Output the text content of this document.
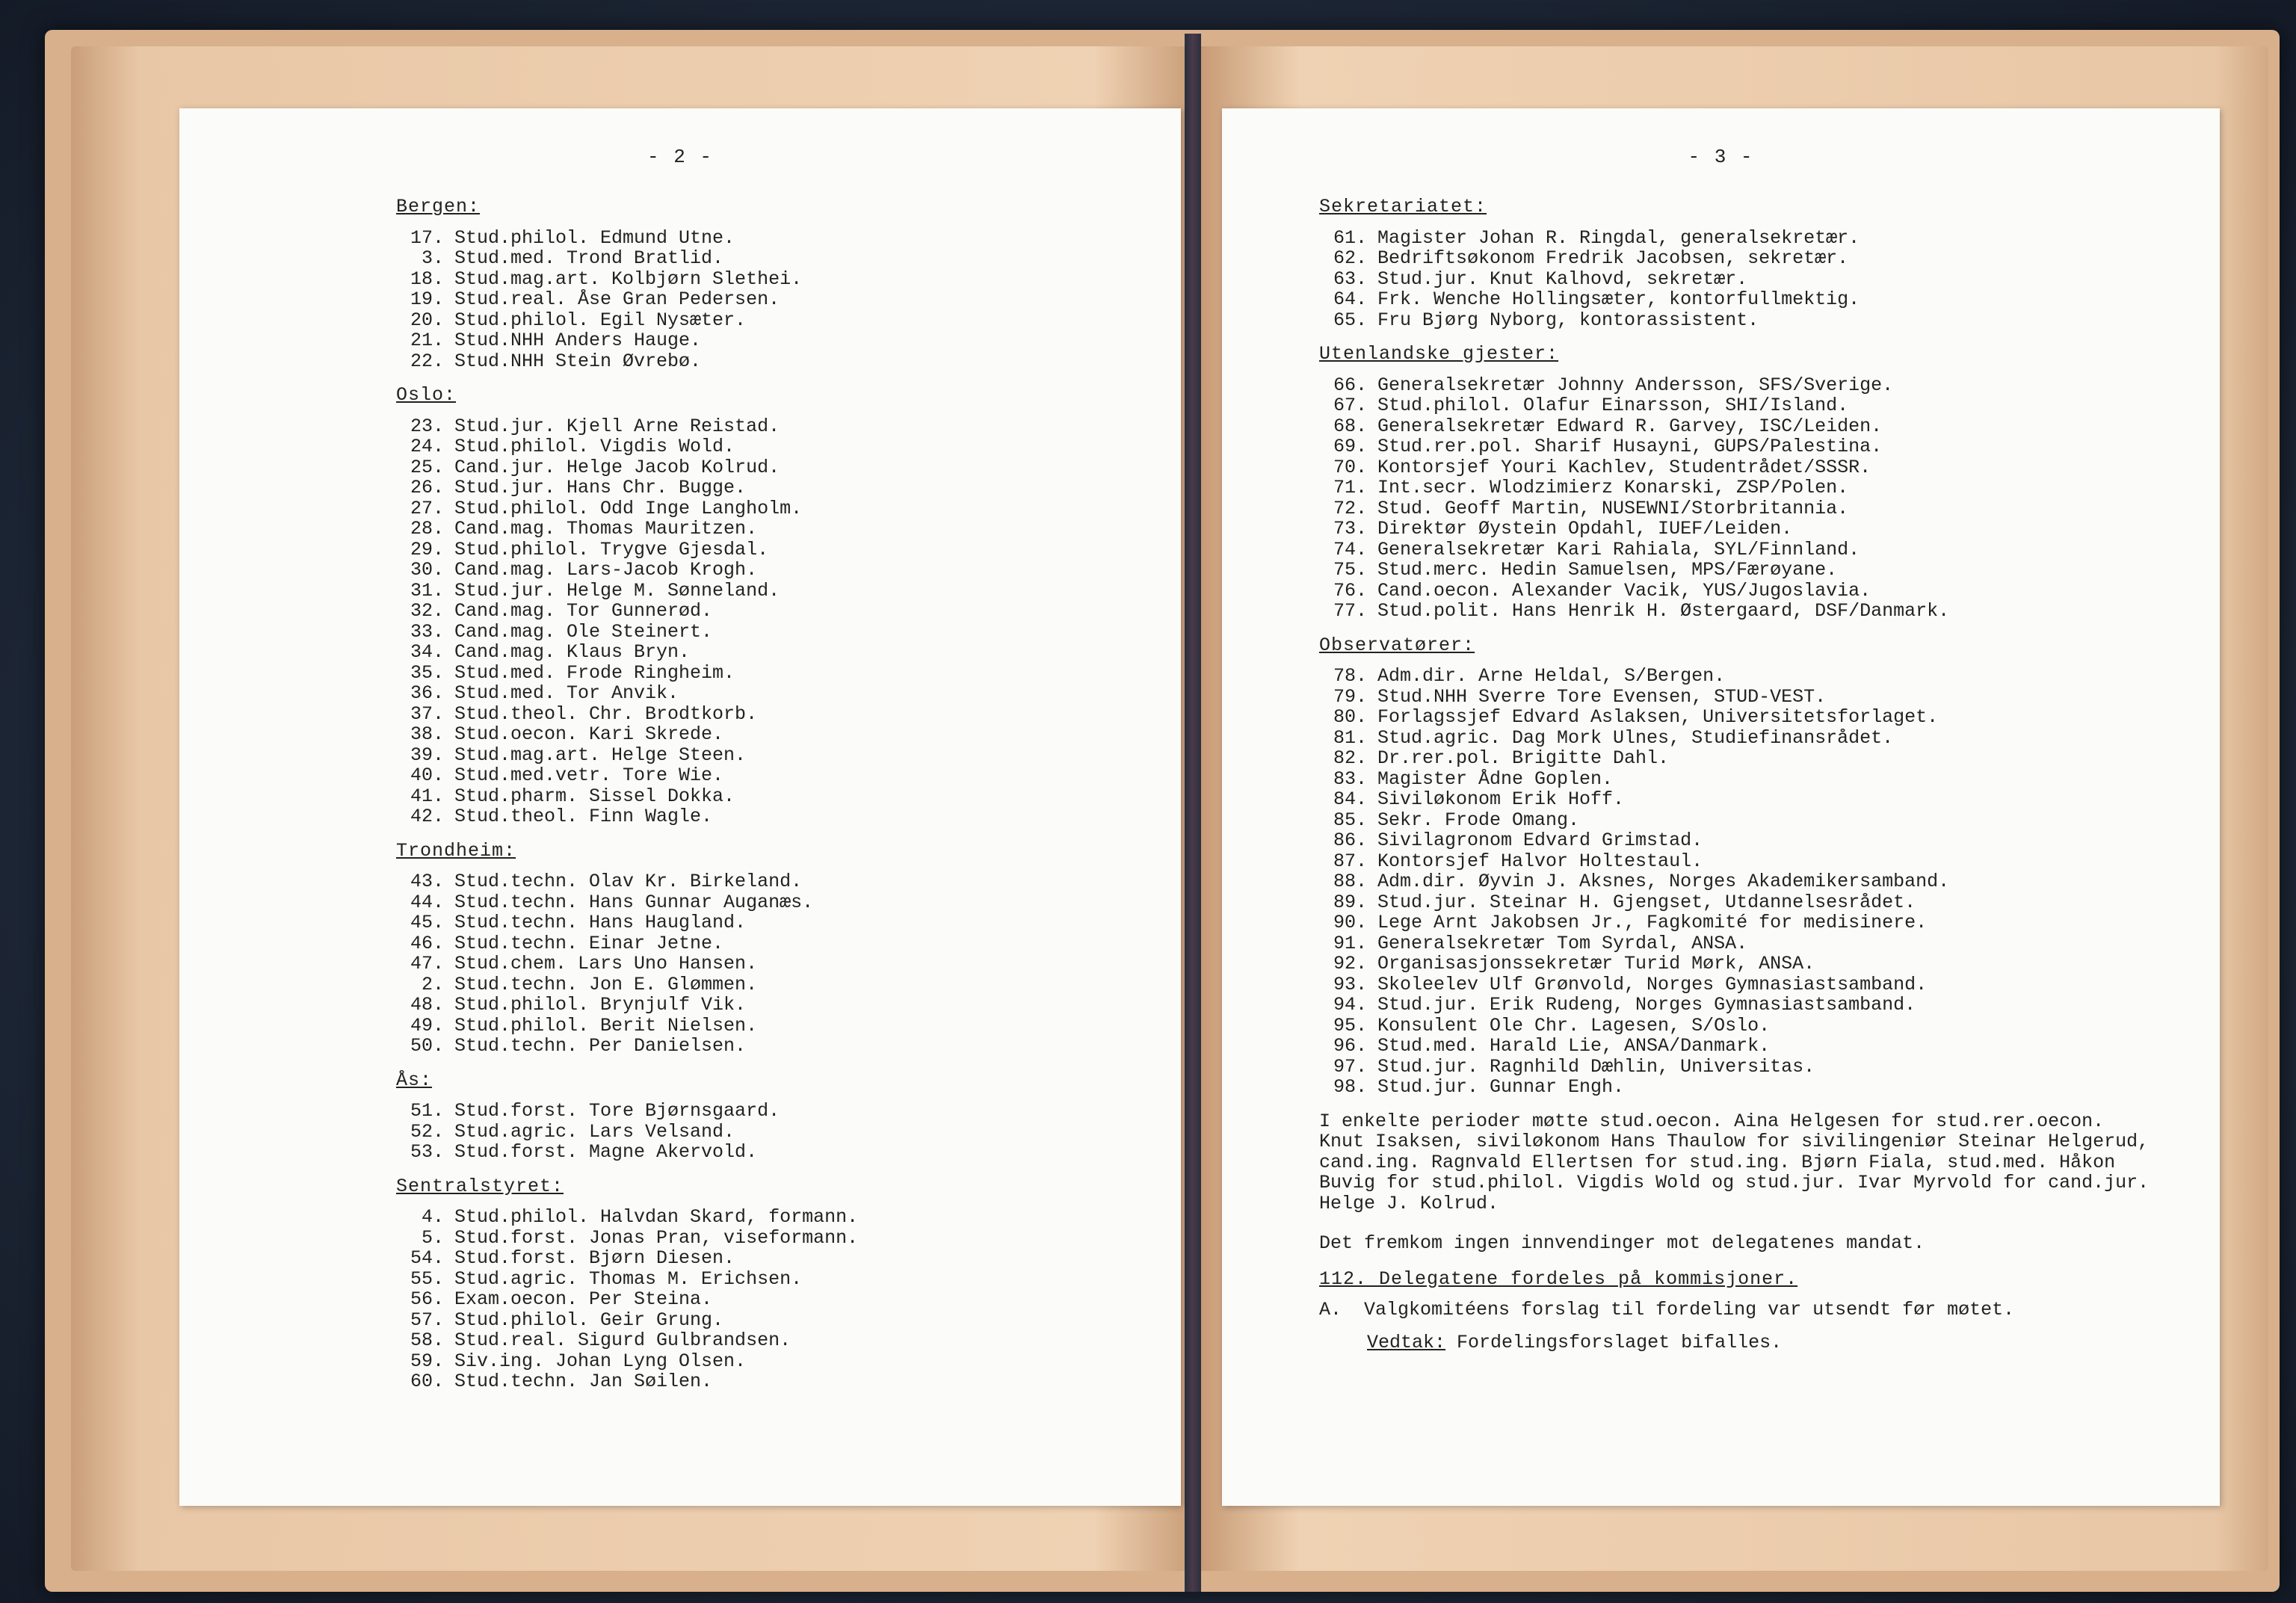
- 2 -
Bergen:
17. Stud.philol. Edmund Utne.
3. Stud.med. Trond Bratlid.
18. Stud.mag.art. Kolbjørn Slethei.
19. Stud.real. Åse Gran Pedersen.
20. Stud.philol. Egil Nysæter.
21. Stud.NHH Anders Hauge.
22. Stud.NHH Stein Øvrebø.
Oslo:
23. Stud.jur. Kjell Arne Reistad.
24. Stud.philol. Vigdis Wold.
25. Cand.jur. Helge Jacob Kolrud.
26. Stud.jur. Hans Chr. Bugge.
27. Stud.philol. Odd Inge Langholm.
28. Cand.mag. Thomas Mauritzen.
29. Stud.philol. Trygve Gjesdal.
30. Cand.mag. Lars-Jacob Krogh.
31. Stud.jur. Helge M. Sønneland.
32. Cand.mag. Tor Gunnerød.
33. Cand.mag. Ole Steinert.
34. Cand.mag. Klaus Bryn.
35. Stud.med. Frode Ringheim.
36. Stud.med. Tor Anvik.
37. Stud.theol. Chr. Brodtkorb.
38. Stud.oecon. Kari Skrede.
39. Stud.mag.art. Helge Steen.
40. Stud.med.vetr. Tore Wie.
41. Stud.pharm. Sissel Dokka.
42. Stud.theol. Finn Wagle.
Trondheim:
43. Stud.techn. Olav Kr. Birkeland.
44. Stud.techn. Hans Gunnar Auganæs.
45. Stud.techn. Hans Haugland.
46. Stud.techn. Einar Jetne.
47. Stud.chem. Lars Uno Hansen.
2. Stud.techn. Jon E. Glømmen.
48. Stud.philol. Brynjulf Vik.
49. Stud.philol. Berit Nielsen.
50. Stud.techn. Per Danielsen.
Ås:
51. Stud.forst. Tore Bjørnsgaard.
52. Stud.agric. Lars Velsand.
53. Stud.forst. Magne Akervold.
Sentralstyret:
4. Stud.philol. Halvdan Skard, formann.
5. Stud.forst. Jonas Pran, viseformann.
54. Stud.forst. Bjørn Diesen.
55. Stud.agric. Thomas M. Erichsen.
56. Exam.oecon. Per Steina.
57. Stud.philol. Geir Grung.
58. Stud.real. Sigurd Gulbrandsen.
59. Siv.ing. Johan Lyng Olsen.
60. Stud.techn. Jan Søilen.
- 3 -
Sekretariatet:
61. Magister Johan R. Ringdal, generalsekretær.
62. Bedriftsøkonom Fredrik Jacobsen, sekretær.
63. Stud.jur. Knut Kalhovd, sekretær.
64. Frk. Wenche Hollingsæter, kontorfullmektig.
65. Fru Bjørg Nyborg, kontorassistent.
Utenlandske gjester:
66. Generalsekretær Johnny Andersson, SFS/Sverige.
67. Stud.philol. Olafur Einarsson, SHI/Island.
68. Generalsekretær Edward R. Garvey, ISC/Leiden.
69. Stud.rer.pol. Sharif Husayni, GUPS/Palestina.
70. Kontorsjef Youri Kachlev, Studentrådet/SSSR.
71. Int.secr. Wlodzimierz Konarski, ZSP/Polen.
72. Stud. Geoff Martin, NUSEWNI/Storbritannia.
73. Direktør Øystein Opdahl, IUEF/Leiden.
74. Generalsekretær Kari Rahiala, SYL/Finnland.
75. Stud.merc. Hedin Samuelsen, MPS/Færøyane.
76. Cand.oecon. Alexander Vacik, YUS/Jugoslavia.
77. Stud.polit. Hans Henrik H. Østergaard, DSF/Danmark.
Observatører:
78. Adm.dir. Arne Heldal, S/Bergen.
79. Stud.NHH Sverre Tore Evensen, STUD-VEST.
80. Forlagssjef Edvard Aslaksen, Universitetsforlaget.
81. Stud.agric. Dag Mork Ulnes, Studiefinansrådet.
82. Dr.rer.pol. Brigitte Dahl.
83. Magister Ådne Goplen.
84. Siviløkonom Erik Hoff.
85. Sekr. Frode Omang.
86. Sivilagronom Edvard Grimstad.
87. Kontorsjef Halvor Holtestaul.
88. Adm.dir. Øyvin J. Aksnes, Norges Akademikersamband.
89. Stud.jur. Steinar H. Gjengset, Utdannelsesrådet.
90. Lege Arnt Jakobsen Jr., Fagkomité for medisinere.
91. Generalsekretær Tom Syrdal, ANSA.
92. Organisasjonssekretær Turid Mørk, ANSA.
93. Skoleelev Ulf Grønvold, Norges Gymnasiastsamband.
94. Stud.jur. Erik Rudeng, Norges Gymnasiastsamband.
95. Konsulent Ole Chr. Lagesen, S/Oslo.
96. Stud.med. Harald Lie, ANSA/Danmark.
97. Stud.jur. Ragnhild Dæhlin, Universitas.
98. Stud.jur. Gunnar Engh.
I enkelte perioder møtte stud.oecon. Aina Helgesen for stud.rer.oecon. Knut Isaksen, siviløkonom Hans Thaulow for sivilingeniør Steinar Helgerud, cand.ing. Ragnvald Ellertsen for stud.ing. Bjørn Fiala, stud.med. Håkon Buvig for stud.philol. Vigdis Wold og stud.jur. Ivar Myrvold for cand.jur. Helge J. Kolrud.
Det fremkom ingen innvendinger mot delegatenes mandat.
112. Delegatene fordeles på kommisjoner.
A.  Valgkomitéens forslag til fordeling var utsendt før møtet.
Vedtak: Fordelingsforslaget bifalles.
